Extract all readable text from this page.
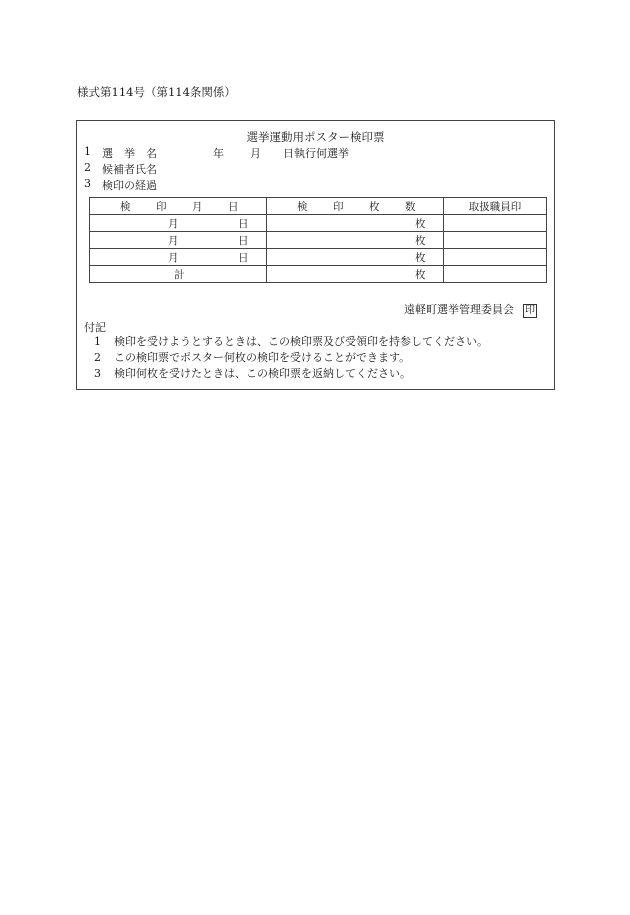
様式第114号（第114条関係）
選挙運動用ポスター検印票
1 選　挙　名	年 月 日執行何選挙
2 候補者氏名
3 検印の経過
検 印 月 日	検 印 枚 数	取扱職員印

月 日	枚	

月 日	枚	

月 日	枚	

計	枚	

遠軽町選挙管理委員会 印
付記
1 検印を受けようとするときは、この検印票及び受領印を持参してください。
2 この検印票でポスター何枚の検印を受けることができます。
3 検印何枚を受けたときは、この検印票を返納してください。
